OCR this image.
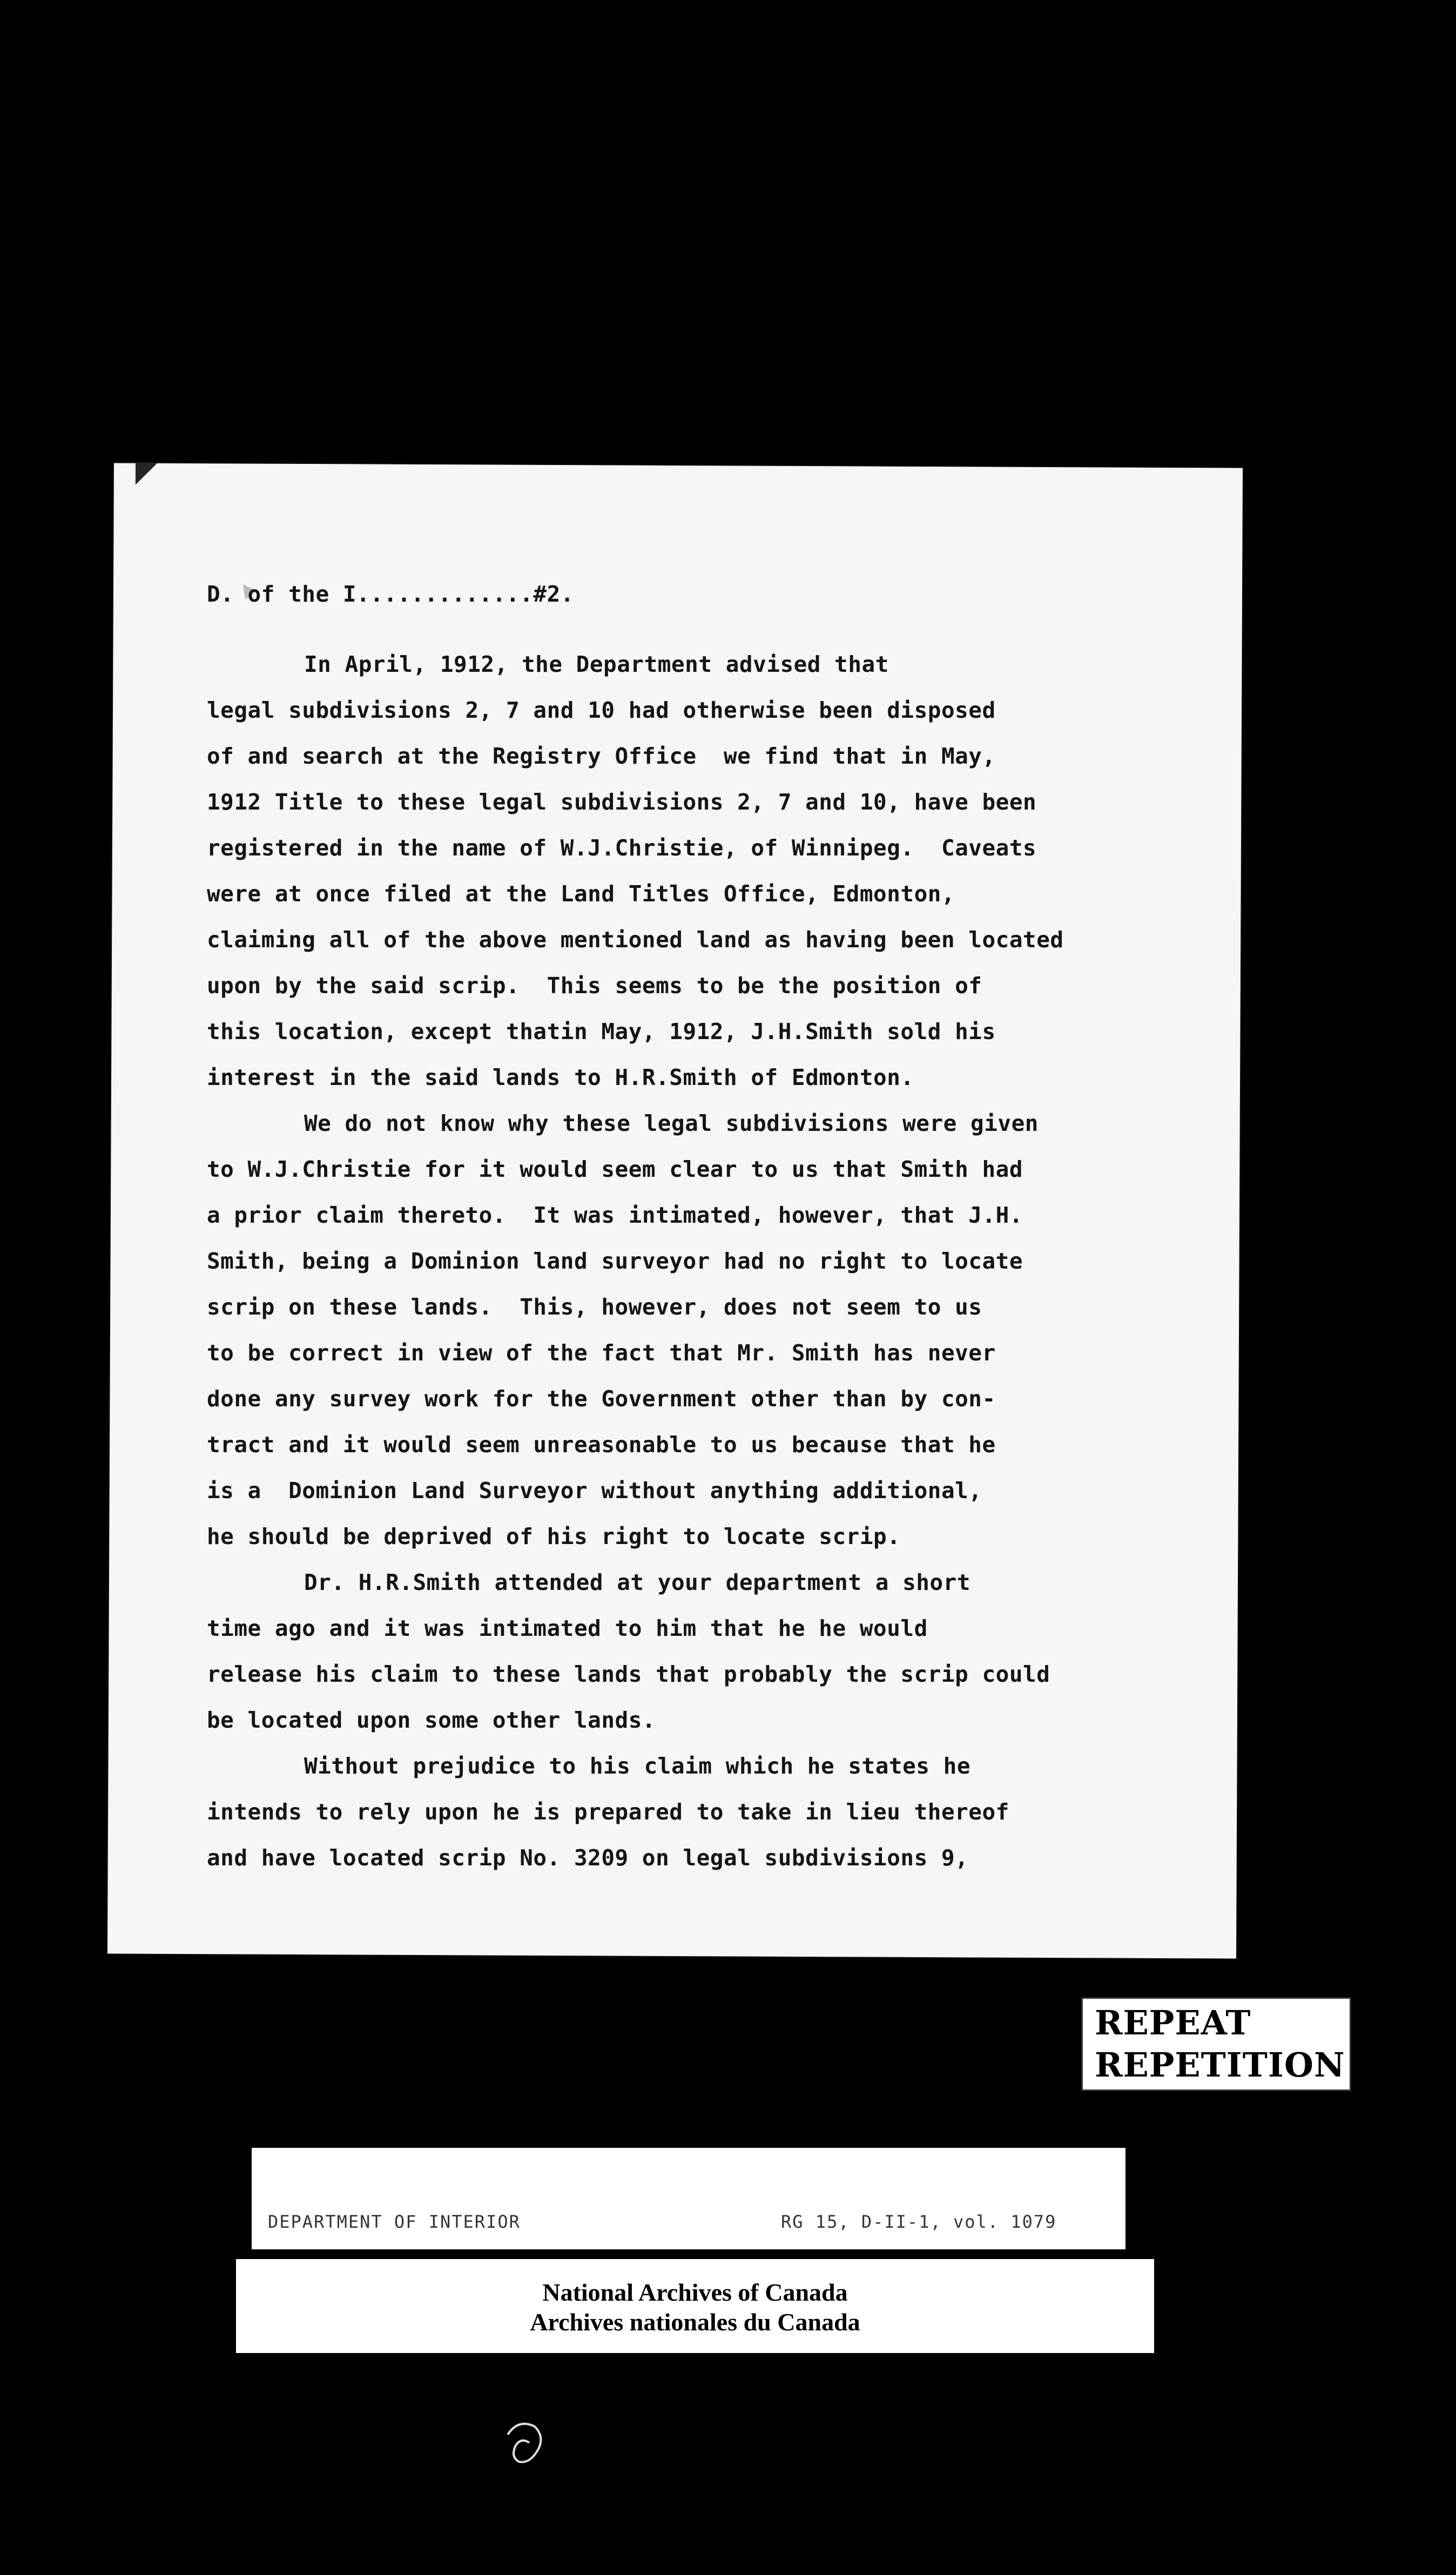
D. of the I.............#2.
In April, 1912, the Department advised that
legal subdivisions 2, 7 and 10 had otherwise been disposed
of and search at the Registry Office  we find that in May,
1912 Title to these legal subdivisions 2, 7 and 10, have been
registered in the name of W.J.Christie, of Winnipeg.  Caveats
were at once filed at the Land Titles Office, Edmonton,
claiming all of the above mentioned land as having been located
upon by the said scrip.  This seems to be the position of
this location, except thatin May, 1912, J.H.Smith sold his
interest in the said lands to H.R.Smith of Edmonton.
We do not know why these legal subdivisions were given
to W.J.Christie for it would seem clear to us that Smith had
a prior claim thereto.  It was intimated, however, that J.H.
Smith, being a Dominion land surveyor had no right to locate
scrip on these lands.  This, however, does not seem to us
to be correct in view of the fact that Mr. Smith has never
done any survey work for the Government other than by con-
tract and it would seem unreasonable to us because that he
is a  Dominion Land Surveyor without anything additional,
he should be deprived of his right to locate scrip.
Dr. H.R.Smith attended at your department a short
time ago and it was intimated to him that he he would
release his claim to these lands that probably the scrip could
be located upon some other lands.
Without prejudice to his claim which he states he
intends to rely upon he is prepared to take in lieu thereof
and have located scrip No. 3209 on legal subdivisions 9,
REPEAT
REPETITION

DEPARTMENT OF INTERIOR

	RG 15, D-II-1, vol. 1079

National Archives of Canada
Archives nationales du Canada
